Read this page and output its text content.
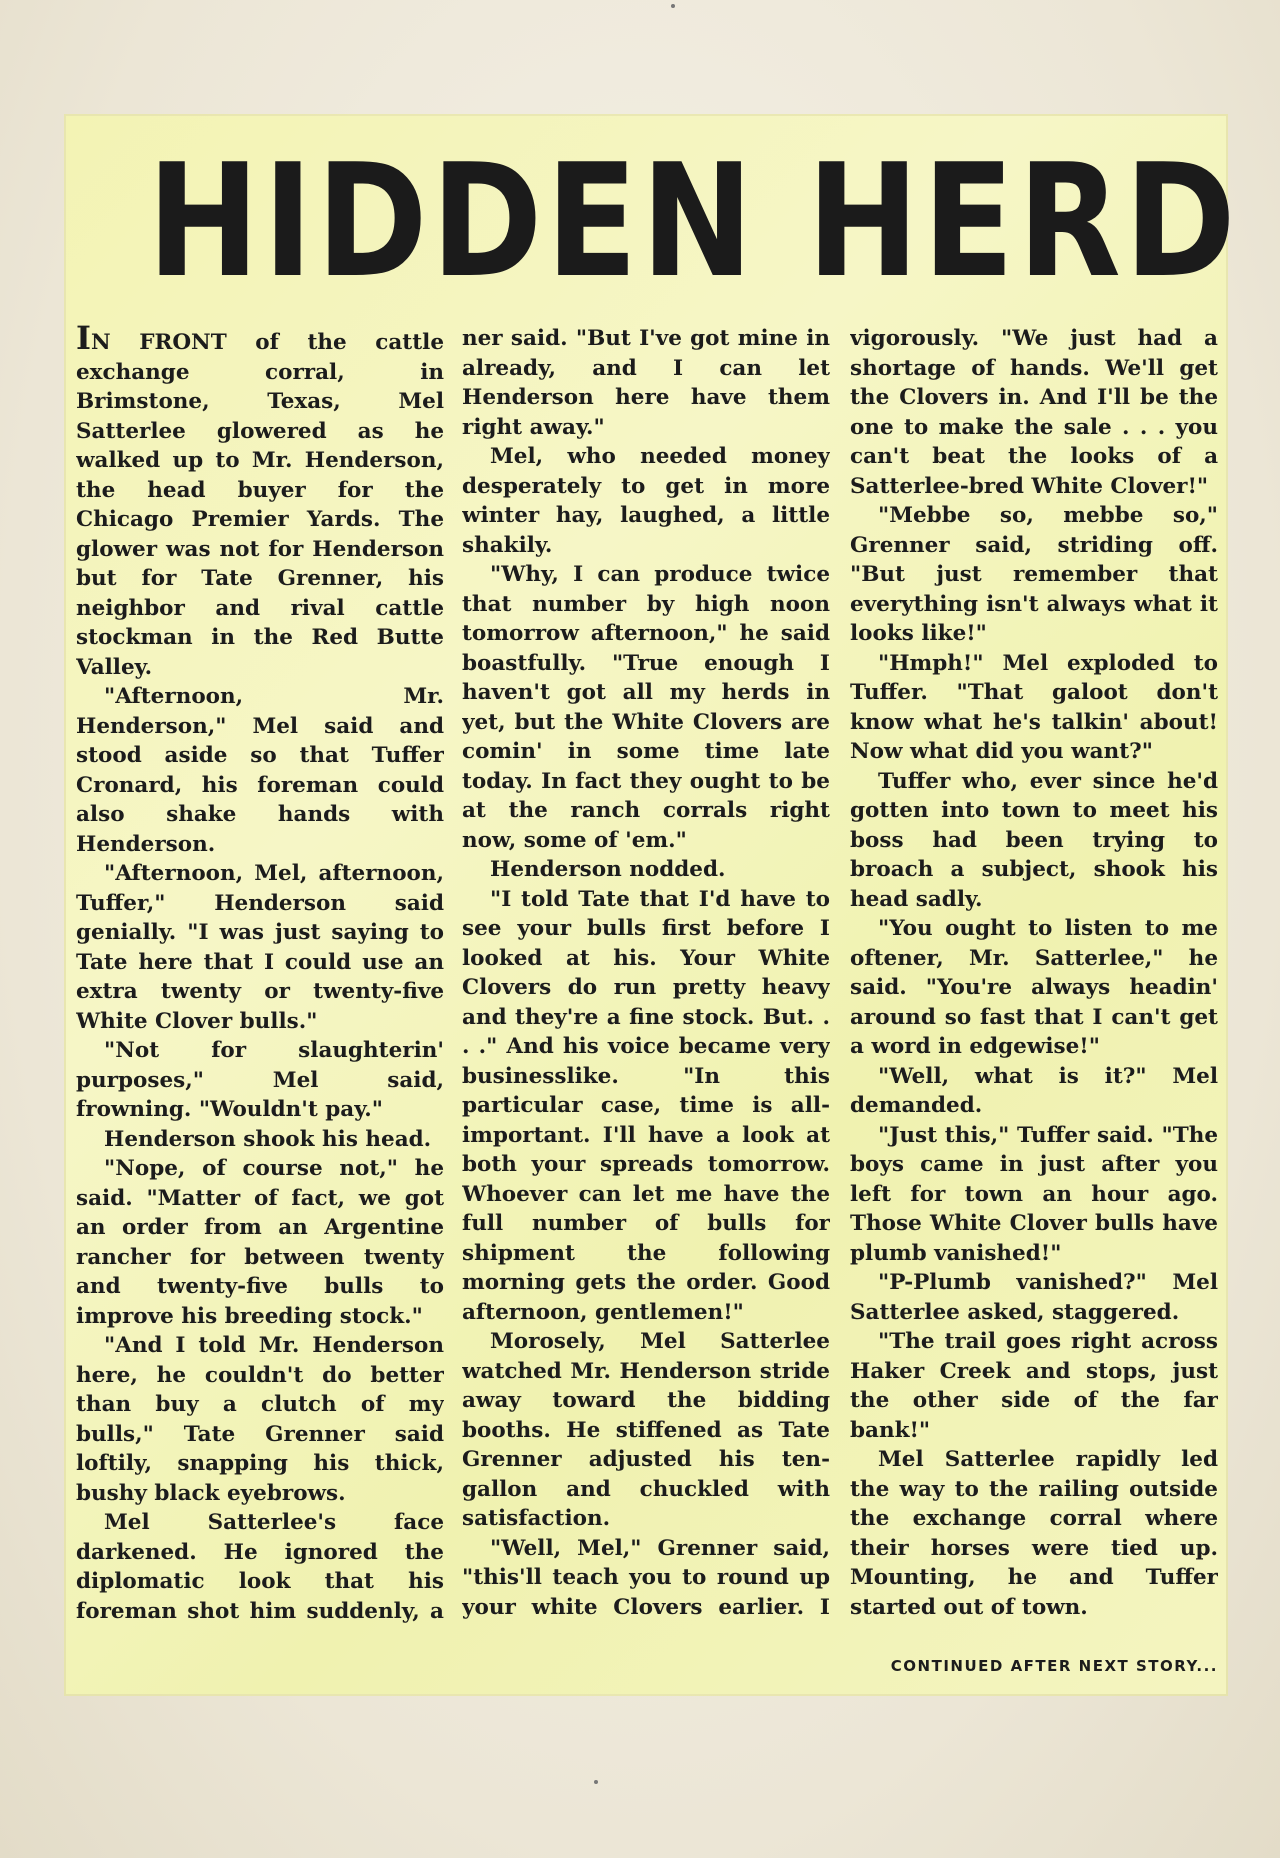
HIDDEN HERD

IN FRONT of the cattle exchange corral, in Brimstone, Texas, Mel Satterlee glowered as he walked up to Mr. Henderson, the head buyer for the Chicago Premier Yards. The glower was not for Henderson but for Tate Grenner, his neighbor and rival cattle stockman in the Red Butte Valley.

"Afternoon, Mr. Henderson," Mel said and stood aside so that Tuffer Cronard, his foreman could also shake hands with Henderson.

"Afternoon, Mel, afternoon, Tuffer," Henderson said genially. "I was just saying to Tate here that I could use an extra twenty or twenty-five White Clover bulls."

"Not for slaughterin' purposes," Mel said, frowning. "Wouldn't pay."

Henderson shook his head.

"Nope, of course not," he said. "Matter of fact, we got an order from an Argentine rancher for between twenty and twenty-five bulls to improve his breeding stock."

"And I told Mr. Henderson here, he couldn't do better than buy a clutch of my bulls," Tate Grenner said loftily, snapping his thick, bushy black eyebrows.

Mel Satterlee's face darkened. He ignored the diplomatic look that his foreman shot him suddenly, a

ner said. "But I've got mine in already, and I can let Henderson here have them right away."

Mel, who needed money desperately to get in more winter hay, laughed, a little shakily.

"Why, I can produce twice that number by high noon tomorrow afternoon," he said boastfully. "True enough I haven't got all my herds in yet, but the White Clovers are comin' in some time late today. In fact they ought to be at the ranch corrals right now, some of 'em."

Henderson nodded.

"I told Tate that I'd have to see your bulls first before I looked at his. Your White Clovers do run pretty heavy and they're a fine stock. But. . . ." And his voice became very businesslike. "In this particular case, time is all-important. I'll have a look at both your spreads tomorrow. Whoever can let me have the full number of bulls for shipment the following morning gets the order. Good afternoon, gentlemen!"

Morosely, Mel Satterlee watched Mr. Henderson stride away toward the bidding booths. He stiffened as Tate Grenner adjusted his ten-gallon and chuckled with satisfaction.

"Well, Mel," Grenner said, "this'll teach you to round up your white Clovers earlier. I

vigorously. "We just had a shortage of hands. We'll get the Clovers in. And I'll be the one to make the sale . . . you can't beat the looks of a Satterlee-bred White Clover!"

"Mebbe so, mebbe so," Grenner said, striding off. "But just remember that everything isn't always what it looks like!"

"Hmph!" Mel exploded to Tuffer. "That galoot don't know what he's talkin' about! Now what did you want?"

Tuffer who, ever since he'd gotten into town to meet his boss had been trying to broach a subject, shook his head sadly.

"You ought to listen to me oftener, Mr. Satterlee," he said. "You're always headin' around so fast that I can't get a word in edgewise!"

"Well, what is it?" Mel demanded.

"Just this," Tuffer said. "The boys came in just after you left for town an hour ago. Those White Clover bulls have plumb vanished!"

"P-Plumb vanished?" Mel Satterlee asked, staggered.

"The trail goes right across Haker Creek and stops, just the other side of the far bank!"

Mel Satterlee rapidly led the way to the railing outside the exchange corral where their horses were tied up. Mounting, he and Tuffer started out of town.

CONTINUED AFTER NEXT STORY...
